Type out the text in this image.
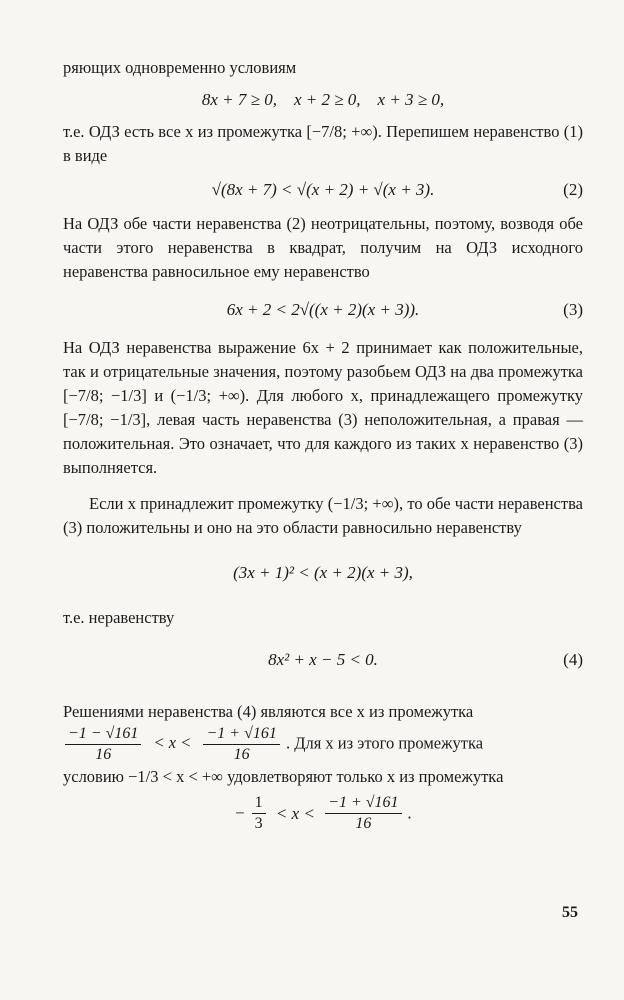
ряющих одновременно условиям

8x + 7 ≥ 0,    x + 2 ≥ 0,    x + 3 ≥ 0,

т.е. ОДЗ есть все x из промежутка [−7/8; +∞). Перепишем неравенство (1) в виде

√(8x + 7) < √(x + 2) + √(x + 3).	(2)

На ОДЗ обе части неравенства (2) неотрицательны, поэтому, возводя обе части этого неравенства в квадрат, получим на ОДЗ исходного неравенства равносильное ему неравенство

6x + 2 < 2√((x + 2)(x + 3)).	(3)

На ОДЗ неравенства выражение 6x + 2 принимает как положительные, так и отрицательные значения, поэтому разобьем ОДЗ на два промежутка [−7/8; −1/3] и (−1/3; +∞). Для любого x, принадлежащего промежутку [−7/8; −1/3], левая часть неравенства (3) неположительная, а правая — положительная. Это означает, что для каждого из таких x неравенство (3) выполняется.

Если x принадлежит промежутку (−1/3; +∞), то обе части неравенства (3) положительны и оно на это области равносильно неравенству

(3x + 1)² < (x + 2)(x + 3),

т.е. неравенству

8x² + x − 5 < 0.	(4)

Решениями неравенства (4) являются все x из промежутка

$\frac{-1 - √161}{16} < x < \frac{-1 + √161}{16}$ . Для x из этого промежутка

условию −1/3 < x < +∞ удовлетворяют только x из промежутка

− $\frac{1}{3} < x < \frac{-1 + √161}{16}$ .
55
